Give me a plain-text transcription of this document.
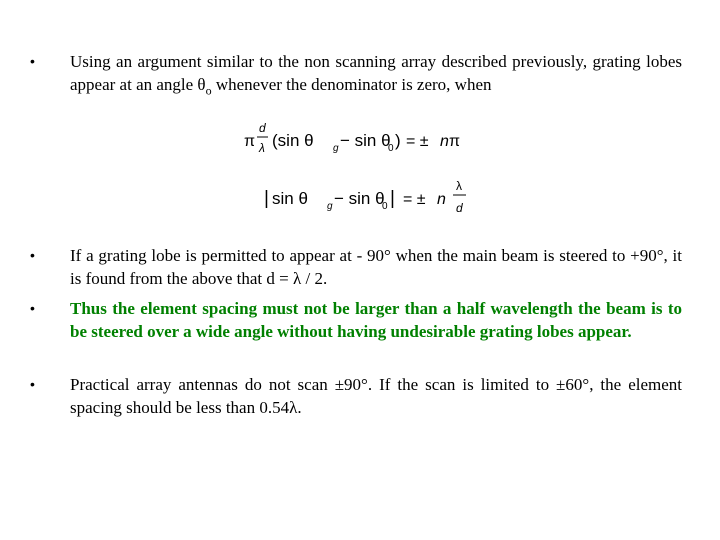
•	Using an argument similar to the non scanning array described previously, grating lobes appear at an angle $\theta_o$ whenever the denominator is zero, when
π
d
λ (sin θ g − sin θ
0 ) = ± n π
| sin θ g − sin θ
0 | = ± n
λ
d
•	If a grating lobe is permitted to appear at - 90° when the main beam is steered to +90°, it is found from the above that d = λ / 2.
•	Thus the element spacing must not be larger than a half wavelength the beam is to be steered over a wide angle without having undesirable grating lobes appear.
•	Practical array antennas do not scan ±90°. If the scan is limited to ±60°, the element spacing should be less than 0.54λ.
